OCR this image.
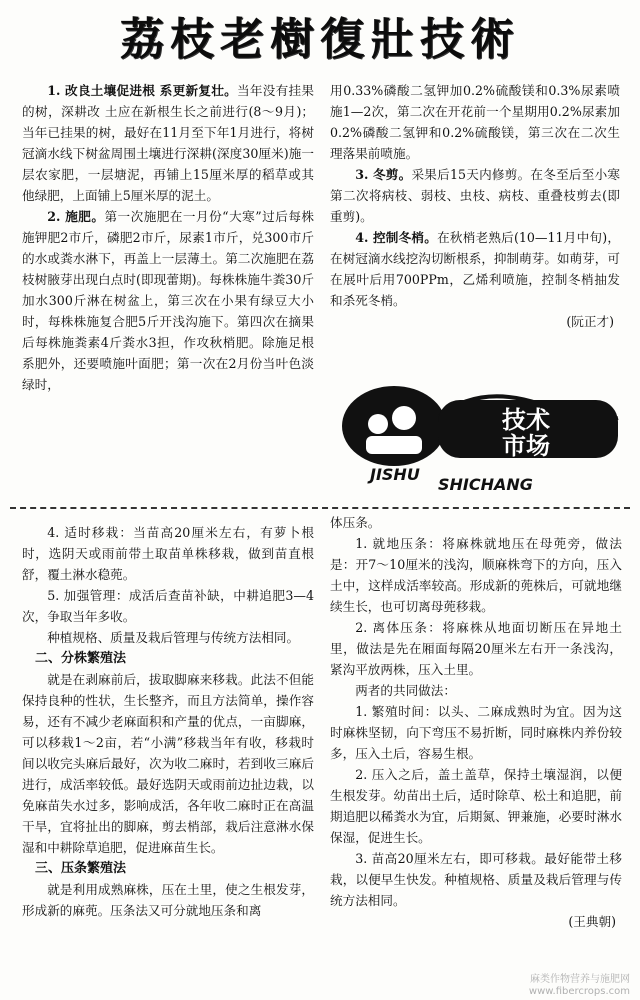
荔枝老樹復壯技術

1. 改良土壤促进根 系更新复壮。当年没有挂果的树，深耕改 土应在新根生长之前进行(8～9月)；当年已挂果的树，最好在11月至下年1月进行，将树冠滴水线下树盆周围土壤进行深耕(深度30厘米)施一层农家肥，一层塘泥，再铺上15厘米厚的稻草或其他绿肥，上面铺上5厘米厚的泥土。

2. 施肥。第一次施肥在一月份“大寒”过后每株施钾肥2市斤，磷肥2市斤，尿素1市斤，兑300市斤的水或粪水淋下，再盖上一层薄土。第二次施肥在荔枝树腋芽出现白点时(即现蕾期)。每株株施牛粪30斤加水300斤淋在树盆上，第三次在小果有绿豆大小时，每株株施复合肥5斤开浅沟施下。第四次在摘果后每株施粪素4斤粪水3担，作攻秋梢肥。除施足根系肥外，还要喷施叶面肥；第一次在2月份当叶色淡绿时，

用0.33%磷酸二氢钾加0.2%硫酸镁和0.3%尿素喷施1—2次，第二次在开花前一个星期用0.2%尿素加0.2%磷酸二氢钾和0.2%硫酸镁，第三次在二次生理落果前喷施。

3. 冬剪。采果后15天内修剪。在冬至后至小寒第二次将病枝、弱枝、虫枝、病枝、重叠枝剪去(即重剪)。

4. 控制冬梢。在秋梢老熟后(10—11月中旬)，在树冠滴水线挖沟切断根系，抑制萌芽。如萌芽，可在展叶后用700PPm，乙烯利喷施，控制冬梢抽发和杀死冬梢。

(阮正才)
技术
市场
JISHU
SHICHANG

4. 适时移栽：当苗高20厘米左右，有萝卜根时，选阴天或雨前带土取苗单株移栽，做到苗直根舒，覆土淋水稳蔸。

5. 加强管理：成活后查苗补缺，中耕追肥3—4次，争取当年多收。

种植规格、质量及栽后管理与传统方法相同。

二、分株繁殖法

就是在剥麻前后，拔取脚麻来移栽。此法不但能保持良种的性状，生长整齐，而且方法简单，操作容易，还有不减少老麻面积和产量的优点，一亩脚麻，可以移栽1～2亩，若“小满”移栽当年有收，移栽时间以收完头麻后最好，次为收二麻时，若到收三麻后进行，成活率较低。最好选阴天或雨前边扯边栽，以免麻苗失水过多，影响成活，各年收二麻时正在高温干旱，宜将扯出的脚麻，剪去梢部，栽后注意淋水保湿和中耕除草追肥，促进麻苗生长。

三、压条繁殖法

就是利用成熟麻株，压在土里，使之生根发芽，形成新的麻蔸。压条法又可分就地压条和离

体压条。

1. 就地压条：将麻株就地压在母蔸旁，做法是：开7～10厘米的浅沟，顺麻株弯下的方向，压入土中，这样成活率较高。形成新的蔸株后，可就地继续生长，也可切离母蔸移栽。

2. 离体压条：将麻株从地面切断压在异地土里，做法是先在厢面每隔20厘米左右开一条浅沟，紧沟平放两株，压入土里。

两者的共同做法：

1. 繁殖时间：以头、二麻成熟时为宜。因为这时麻株坚韧，向下弯压不易折断，同时麻株内养份较多，压入土后，容易生根。

2. 压入之后，盖土盖草，保持土壤湿润，以便生根发芽。幼苗出土后，适时除草、松土和追肥，前期追肥以稀粪水为宜，后期氮、钾兼施，必要时淋水保湿，促进生长。

3. 苗高20厘米左右，即可移栽。最好能带土移栽，以便早生快发。种植规格、质量及栽后管理与传统方法相同。

(王典朝)
麻类作物营养与施肥网
www.fibercrops.com
